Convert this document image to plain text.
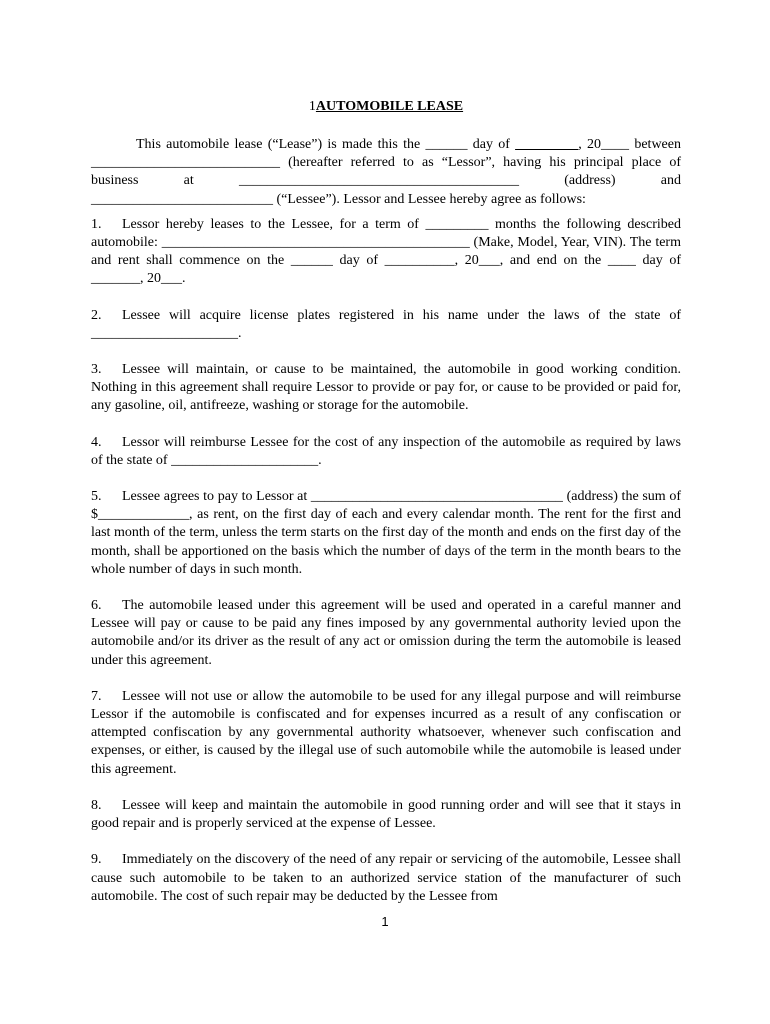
1AUTOMOBILE LEASE

This automobile lease (“Lease”) is made this the ______ day of _________, 20____ between ___________________________ (hereafter referred to as “Lessor”, having his principal place of business at ________________________________________ (address) and __________________________ (“Lessee”). Lessor and Lessee hereby agree as follows:

1. Lessor hereby leases to the Lessee, for a term of _________ months the following described automobile: ____________________________________________ (Make, Model, Year, VIN). The term and rent shall commence on the ______ day of __________, 20___, and end on the ____ day of _______, 20___.

2. Lessee will acquire license plates registered in his name under the laws of the state of _____________________.

3. Lessee will maintain, or cause to be maintained, the automobile in good working condition. Nothing in this agreement shall require Lessor to provide or pay for, or cause to be provided or paid for, any gasoline, oil, antifreeze, washing or storage for the automobile.

4. Lessor will reimburse Lessee for the cost of any inspection of the automobile as required by laws of the state of _____________________.

5. Lessee agrees to pay to Lessor at ____________________________________ (address) the sum of $_____________, as rent, on the first day of each and every calendar month. The rent for the first and last month of the term, unless the term starts on the first day of the month and ends on the first day of the month, shall be apportioned on the basis which the number of days of the term in the month bears to the whole number of days in such month.

6. The automobile leased under this agreement will be used and operated in a careful manner and Lessee will pay or cause to be paid any fines imposed by any governmental authority levied upon the automobile and/or its driver as the result of any act or omission during the term the automobile is leased under this agreement.

7. Lessee will not use or allow the automobile to be used for any illegal purpose and will reimburse Lessor if the automobile is confiscated and for expenses incurred as a result of any confiscation or attempted confiscation by any governmental authority whatsoever, whenever such confiscation and expenses, or either, is caused by the illegal use of such automobile while the automobile is leased under this agreement.

8. Lessee will keep and maintain the automobile in good running order and will see that it stays in good repair and is properly serviced at the expense of Lessee.

9. Immediately on the discovery of the need of any repair or servicing of the automobile, Lessee shall cause such automobile to be taken to an authorized service station of the manufacturer of such automobile. The cost of such repair may be deducted by the Lessee from

1
